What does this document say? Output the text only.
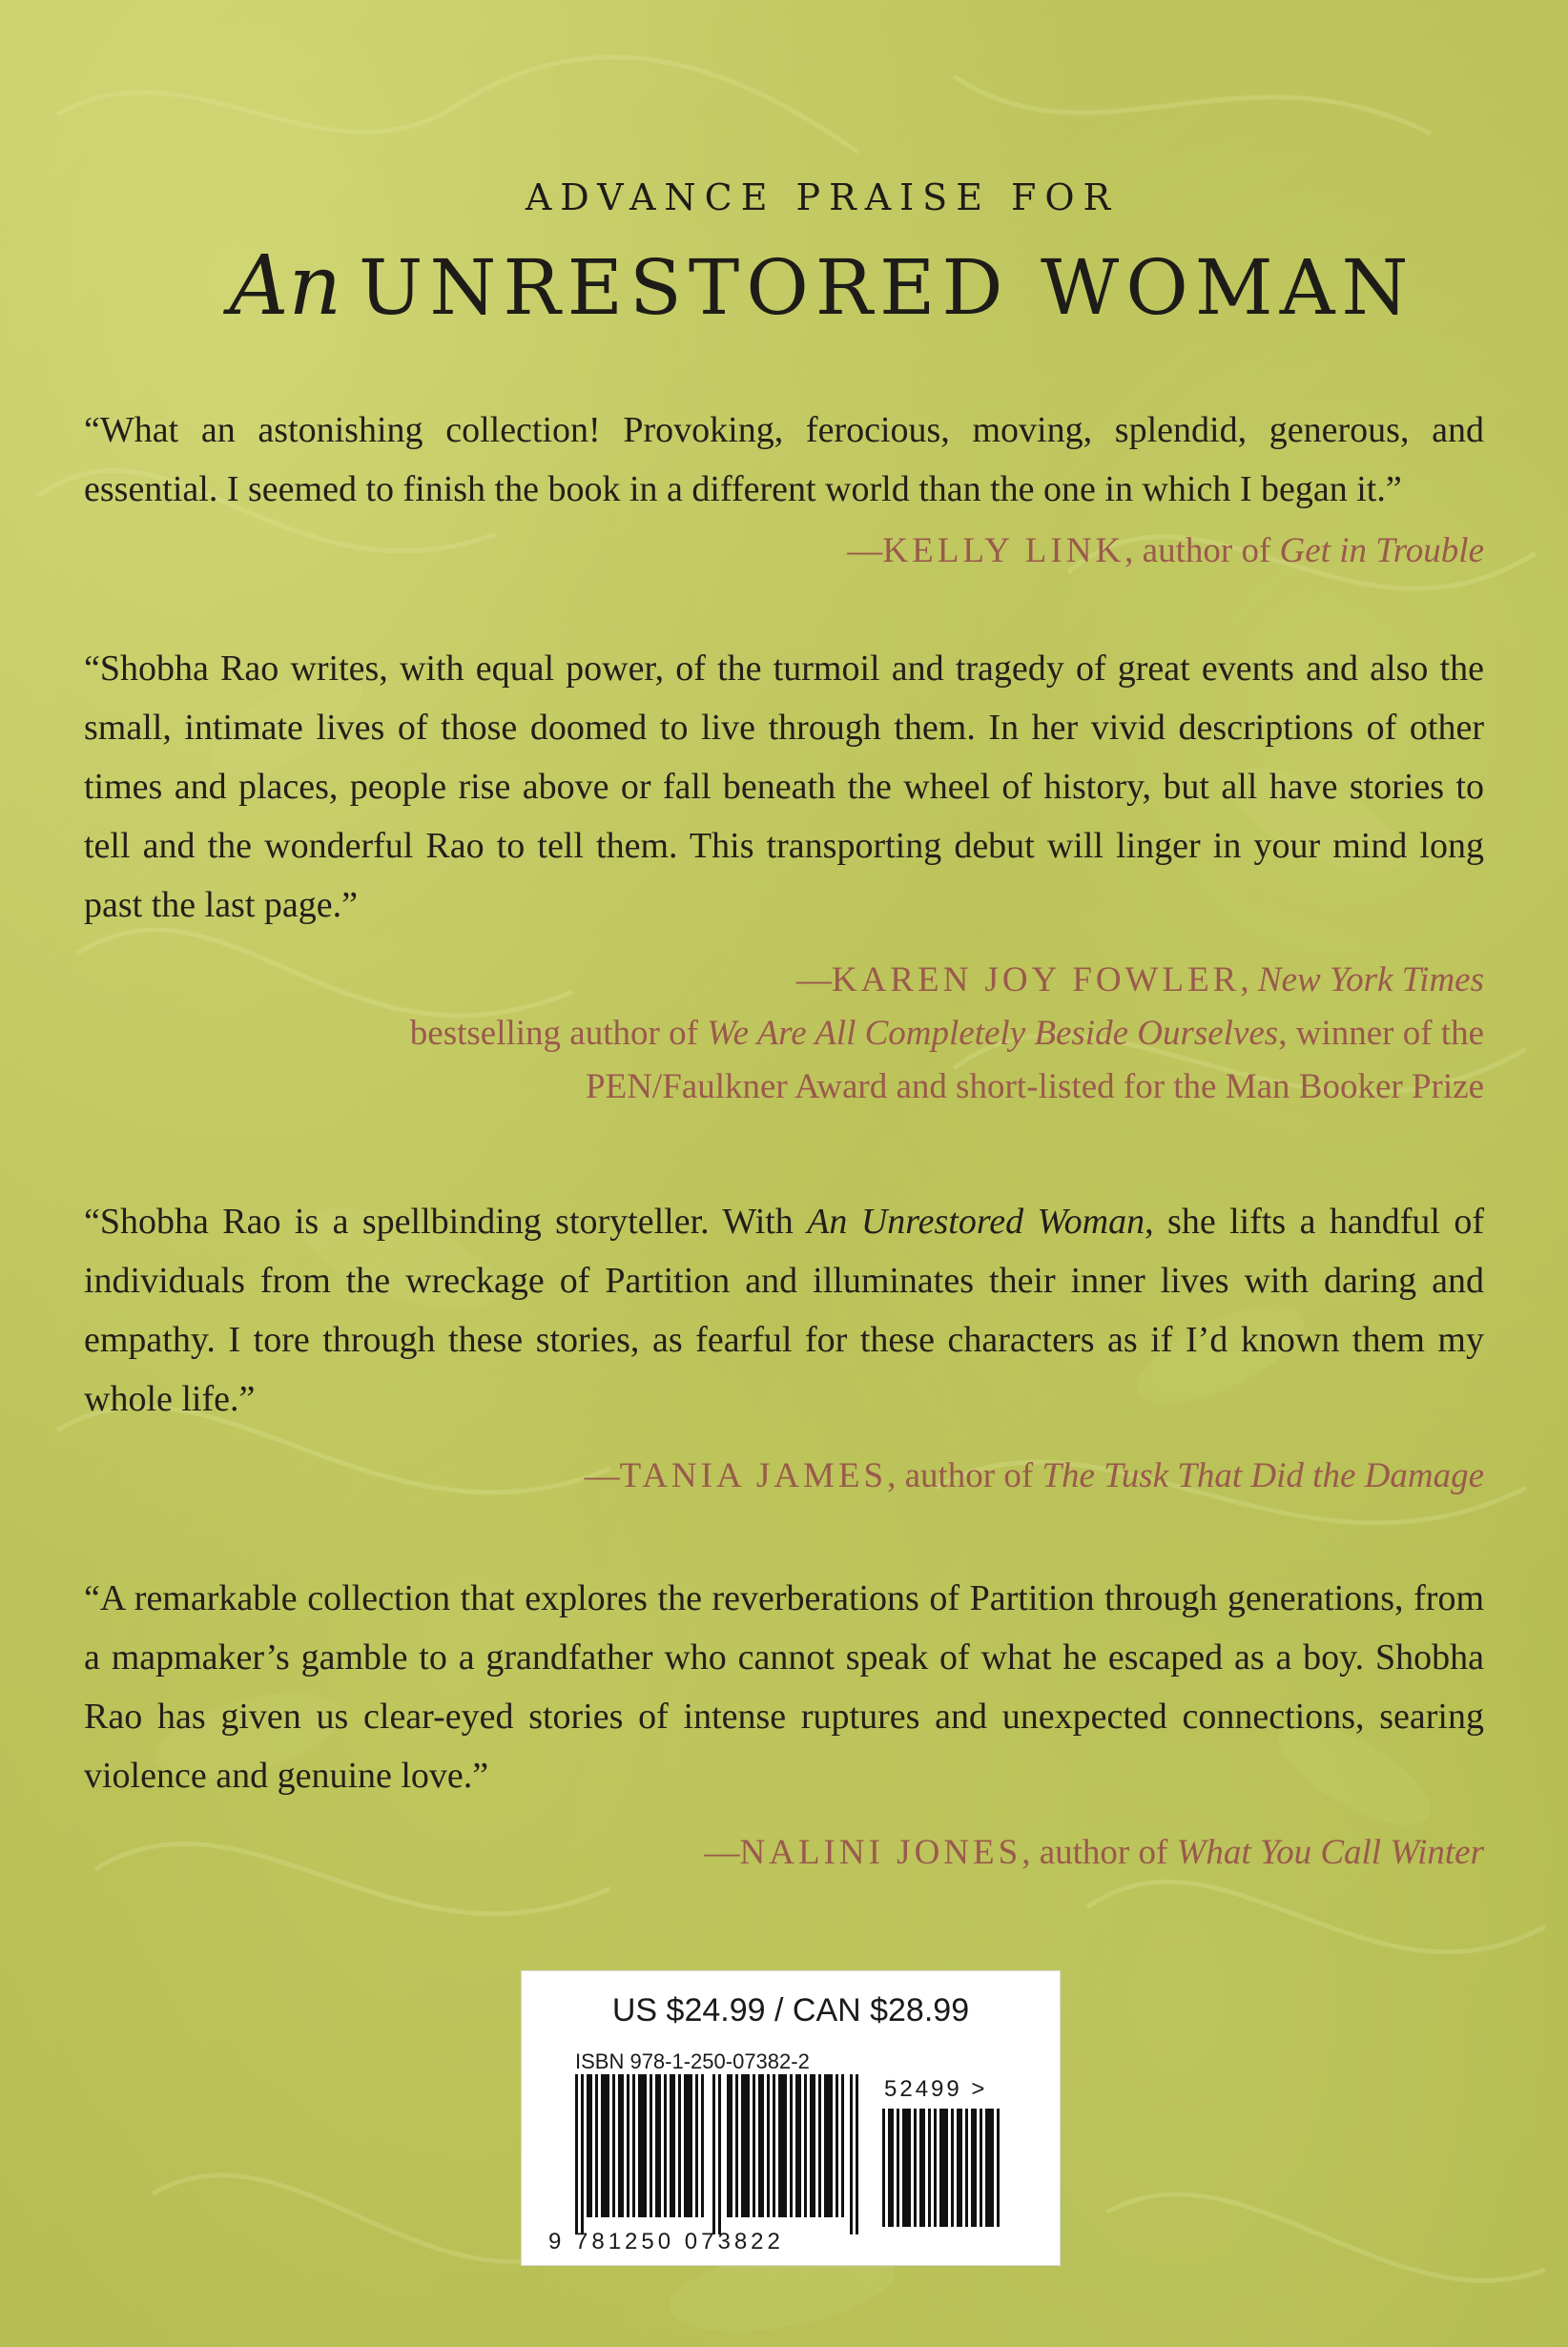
ADVANCE PRAISE FOR
An UNRESTORED WOMAN
“What an astonishing collection! Provoking, ferocious, moving, splendid, generous, and essential. I seemed to finish the book in a different world than the one in which I began it.”
—KELLY LINK, author of Get in Trouble
“Shobha Rao writes, with equal power, of the turmoil and tragedy of great events and also the small, intimate lives of those doomed to live through them. In her vivid descriptions of other times and places, people rise above or fall beneath the wheel of history, but all have stories to tell and the wonderful Rao to tell them. This transporting debut will linger in your mind long past the last page.”
—KAREN JOY FOWLER, New York Times
bestselling author of We Are All Completely Beside Ourselves, winner of the
PEN/Faulkner Award and short-listed for the Man Booker Prize
“Shobha Rao is a spellbinding storyteller. With An Unrestored Woman, she lifts a handful of individuals from the wreckage of Partition and illuminates their inner lives with daring and empathy. I tore through these stories, as fearful for these characters as if I’d known them my whole life.”
—TANIA JAMES, author of The Tusk That Did the Damage
“A remarkable collection that explores the reverberations of Partition through generations, from a mapmaker’s gamble to a grandfather who cannot speak of what he escaped as a boy. Shobha Rao has given us clear-eyed stories of intense ruptures and unexpected connections, searing violence and genuine love.”
—NALINI JONES, author of What You Call Winter
US $24.99 / CAN $28.99
ISBN 978-1-250-07382-2
52499 >
9 781250 073822
